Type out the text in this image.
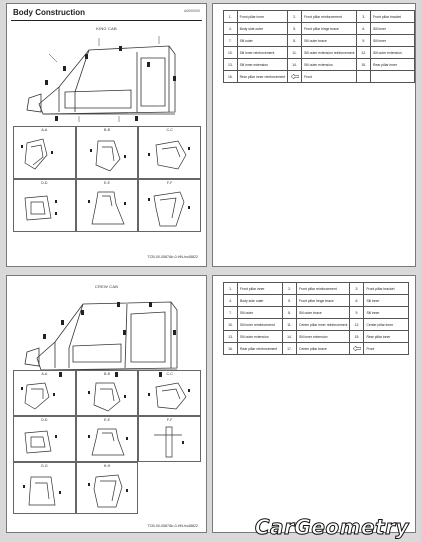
Body Construction	A0000000
KING CAB
A-A	B-B	C-C
D-D	E-E	F-F
TCB-00-0587Ab-0-HN-hs48822
1.	Front pillar inner	2.	Front pillar reinforcement	3.	Front pillar bracket
4.	Body side outer	5.	Front pillar hinge brace	6.	Sill inner
7.	Sill outer	8.	Sill outer brace	9.	Sill inner
10.	Sill inner reinforcement	11.	Sill outer extension reinforcement	12.	Sill outer extension
13.	Sill inner extension	14.	Sill outer extension	15.	Rear pillar inner
16.	Rear pillar inner reinforcement		Front		
CREW CAB
A-A	B-B	C-C
D-D	E-E	F-F
G-G	H-H
TCB-00-0587Ab-0-HN-hs48822
1.	Front pillar inner	2.	Front pillar reinforcement	3.	Front pillar bracket
4.	Body side outer	5.	Front pillar hinge brace	6.	Sill inner
7.	Sill outer	8.	Sill outer brace	9.	Sill inner
10.	Sill inner reinforcement	11.	Center pillar inner reinforcement	12.	Center pillar inner
13.	Sill outer extension	14.	Sill inner extension	15.	Rear pillar inner
16.	Rear pillar reinforcement	17.	Center pillar brace		Front
CarGeometry
